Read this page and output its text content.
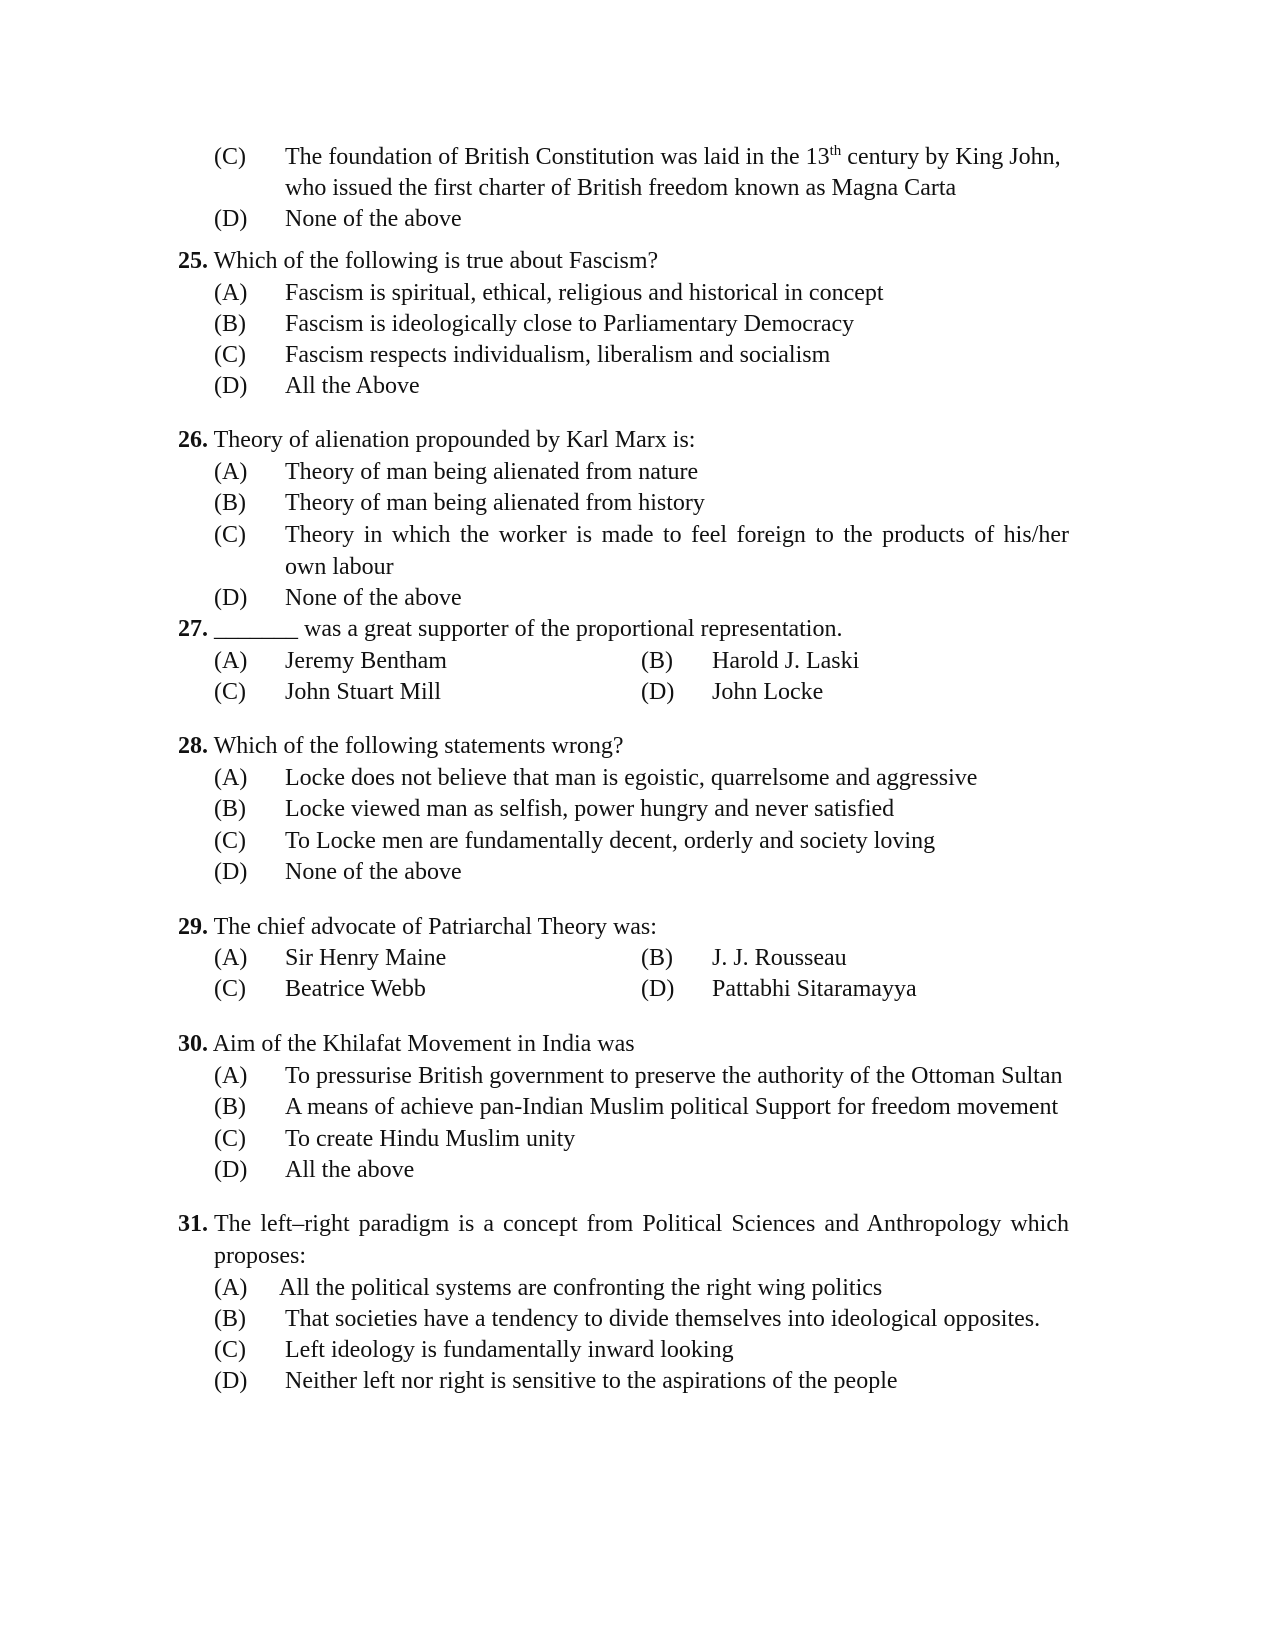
(C) The foundation of British Constitution was laid in the 13th century by King John,
who issued the first charter of British freedom known as Magna Carta
(D) None of the above
25. Which of the following is true about Fascism?
(A) Fascism is spiritual, ethical, religious and historical in concept
(B) Fascism is ideologically close to Parliamentary Democracy
(C) Fascism respects individualism, liberalism and socialism
(D) All the Above
26. Theory of alienation propounded by Karl Marx is:
(A) Theory of man being alienated from nature
(B) Theory of man being alienated from history
(C) Theory in which the worker is made to feel foreign to the products of his/her
own labour
(D) None of the above
27. _______ was a great supporter of the proportional representation.
(A) Jeremy Bentham	(B) Harold J. Laski
(C) John Stuart Mill	(D) John Locke
28. Which of the following statements wrong?
(A) Locke does not believe that man is egoistic, quarrelsome and aggressive
(B) Locke viewed man as selfish, power hungry and never satisfied
(C) To Locke men are fundamentally decent, orderly and society loving
(D) None of the above
29. The chief advocate of Patriarchal Theory was:
(A) Sir Henry Maine	(B) J. J. Rousseau
(C) Beatrice Webb	(D) Pattabhi Sitaramayya
30. Aim of the Khilafat Movement in India was
(A) To pressurise British government to preserve the authority of the Ottoman Sultan
(B) A means of achieve pan-Indian Muslim political Support for freedom movement
(C) To create Hindu Muslim unity
(D) All the above
31. The left–right paradigm is a concept from Political Sciences and Anthropology which
proposes:
(A) All the political systems are confronting the right wing politics
(B) That societies have a tendency to divide themselves into ideological opposites.
(C) Left ideology is fundamentally inward looking
(D) Neither left nor right is sensitive to the aspirations of the people
